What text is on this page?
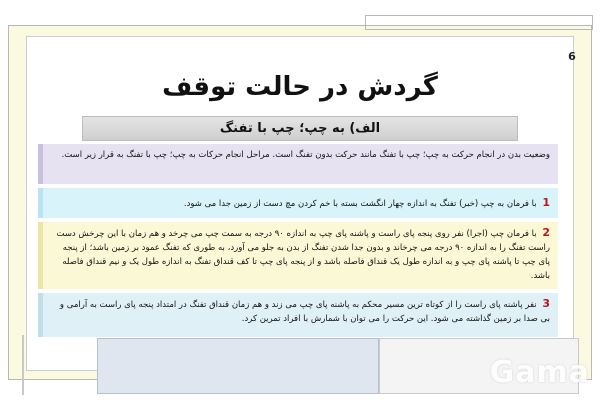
6
گردش در حالت توقف
الف) به چپ؛ چپ با تفنگ
وضعیت بدن در انجام حرکت به چپ؛ چپ با تفنگ مانند حرکت بدون تفنگ است. مراحل انجام حرکات به چپ؛ چپ با تفنگ به قرار زیر است.
1 با فرمان به چپ (خبر) تفنگ به اندازه چهار انگشت بسته با خم کردن مچ دست از زمین جدا می شود.
2 با فرمان چپ (اجرا) نفر روی پنجه پای راست و پاشنه پای چپ به اندازه ۹۰ درجه به سمت چپ می چرخد و هم زمان با این چرخش دست راست تفنگ را به اندازه ۹۰ درجه می چرخاند و بدون جدا شدن تفنگ از بدن به جلو می آورد، به طوری که تفنگ عمود بر زمین باشد؛ از پنجه پای چپ تا پاشنه پای چپ و به اندازه طول یک قنداق فاصله باشد و از پنجه پای چپ تا کف قنداق تفنگ به اندازه طول یک و نیم قنداق فاصله باشد.
3 نفر پاشنه پای راست را از کوتاه ترین مسیر محکم به پاشنه پای چپ می زند و هم زمان قنداق تفنگ در امتداد پنجه پای راست به آرامی و بی صدا بر زمین گذاشته می شود. این حرکت را می توان با شمارش با افراد تمرین کرد.
Gama
